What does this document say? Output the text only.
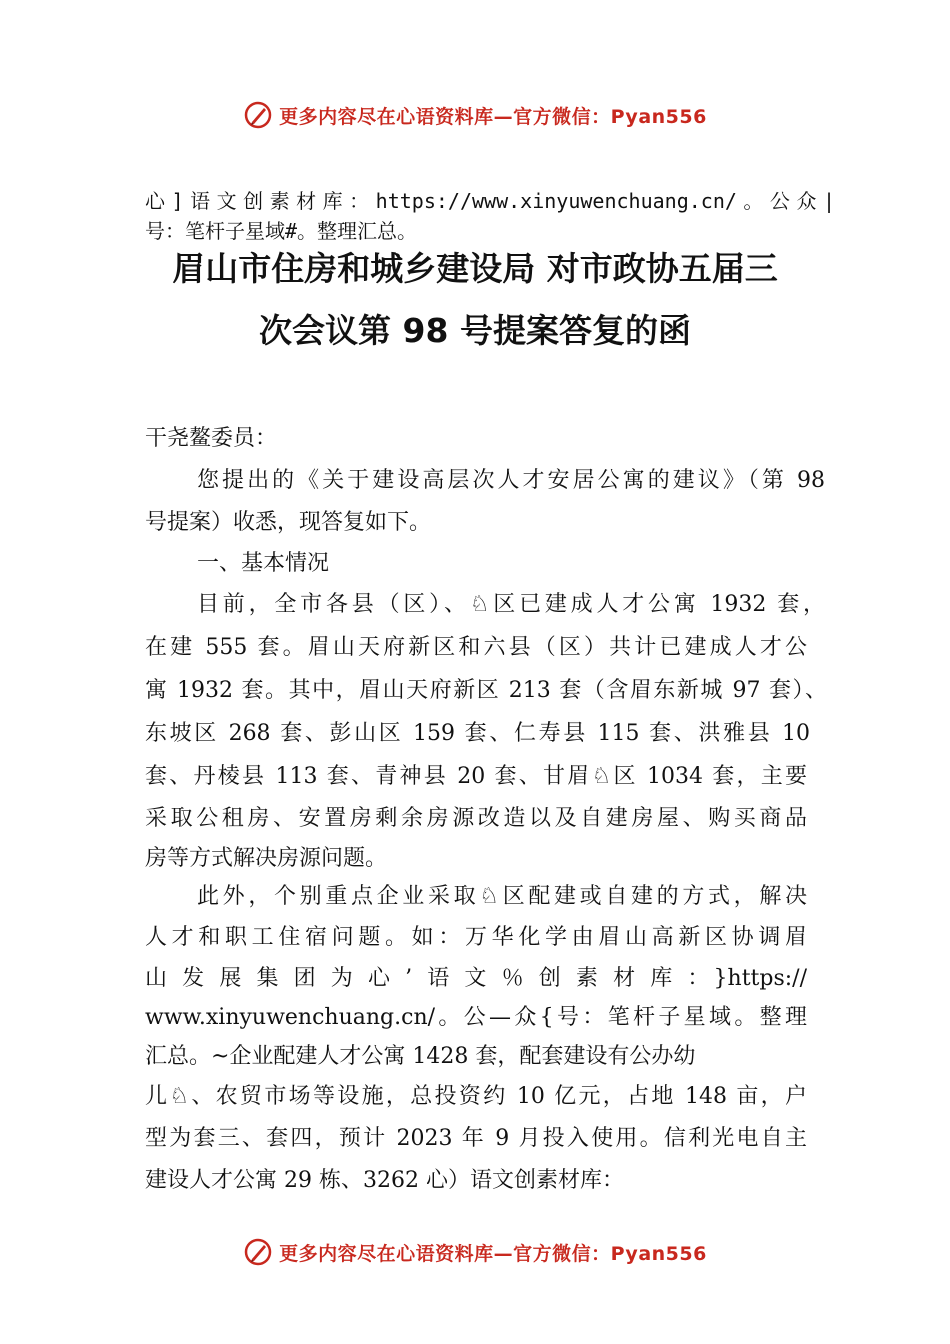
更多内容尽在心语资料库—官方微信：Pyan556
心]语文创素材库：https://www.xinyuwenchuang.cn/。公众|
号：笔杆子星域#。整理汇总。
眉山市住房和城乡建设局 对市政协五届三
次会议第 98 号提案答复的函
干尧鳌委员：
您提出的《关于建设高层次人才安居公寓的建议》（第 98
号提案）收悉，现答复如下。
一、基本情况
目前，全市各县（区）、♘区已建成人才公寓 1932 套，
在建 555 套。眉山天府新区和六县（区）共计已建成人才公
寓 1932 套。其中，眉山天府新区 213 套（含眉东新城 97 套）、
东坡区 268 套、彭山区 159 套、仁寿县 115 套、洪雅县 10
套、丹棱县 113 套、青神县 20 套、甘眉♘区 1034 套，主要
采取公租房、安置房剩余房源改造以及自建房屋、购买商品
房等方式解决房源问题。
此外，个别重点企业采取♘区配建或自建的方式，解决
人才和职工住宿问题。如：万华化学由眉山高新区协调眉
山发展集团为心’语文％创素材库：}https://
www.xinyuwenchuang.cn/。公—众{号：笔杆子星域。整理
汇总。~企业配建人才公寓 1428 套，配套建设有公办幼
儿♘、农贸市场等设施，总投资约 10 亿元，占地 148 亩，户
型为套三、套四，预计 2023 年 9 月投入使用。信利光电自主
建设人才公寓 29 栋、3262 心）语文创素材库：
更多内容尽在心语资料库—官方微信：Pyan556
